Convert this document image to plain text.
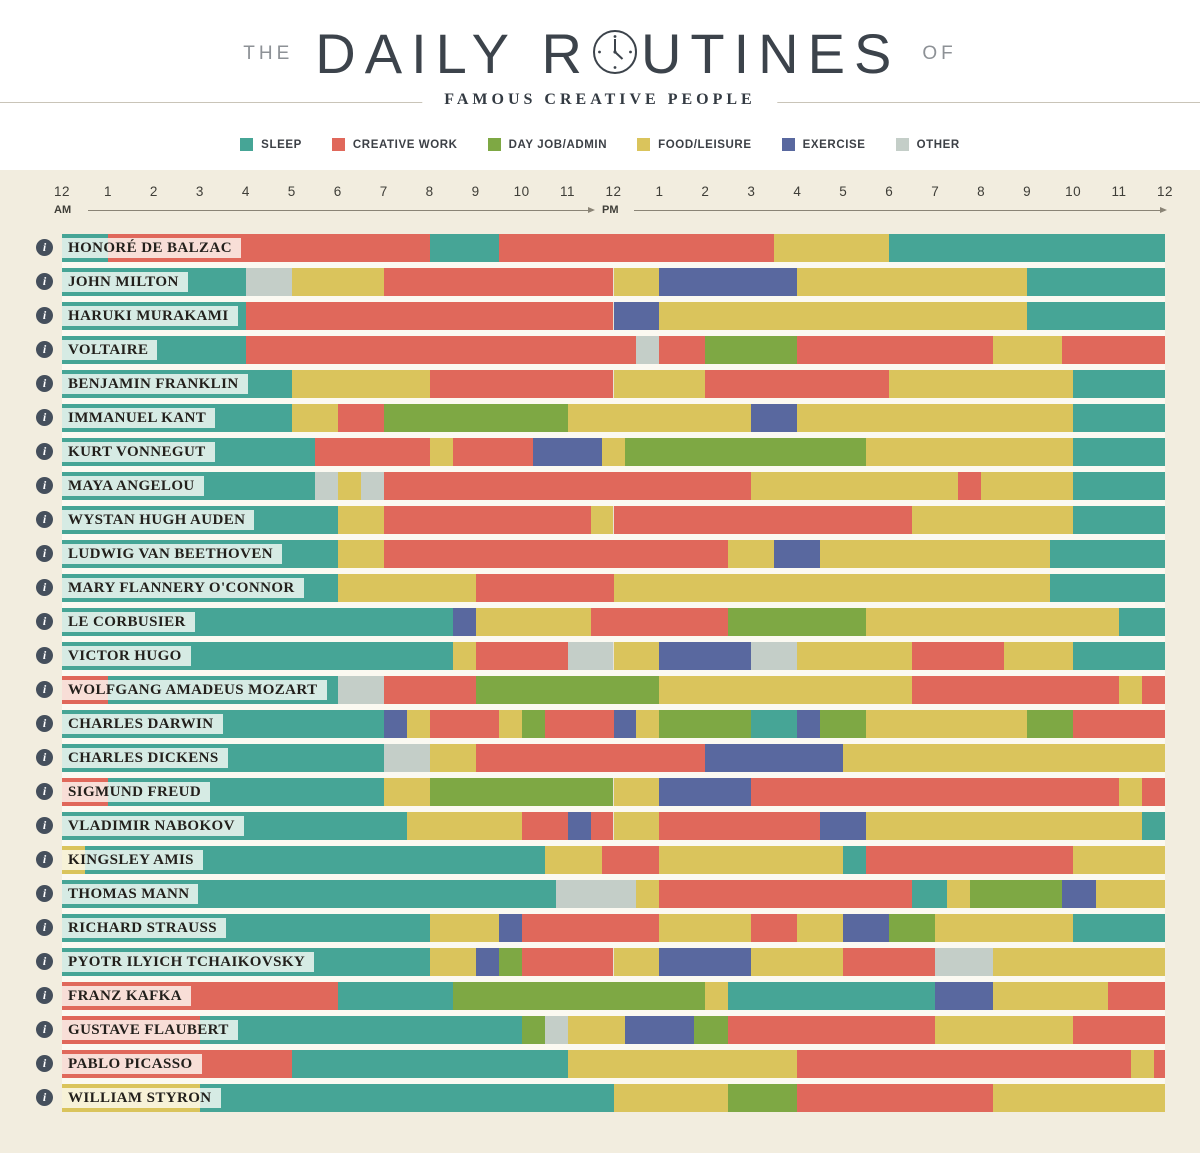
THE DAILY R UTINES OF
FAMOUS CREATIVE PEOPLE
SLEEP	CREATIVE WORK	DAY JOB/ADMIN	FOOD/LEISURE	EXERCISE	OTHER
12	1	2	3	4	5	6	7	8	9	10 11 12	1	2	3	4	5	6	7	8	9	10 11 12
AM	PM
i	HONORÉ DE BALZAC
i	JOHN MILTON
i	HARUKI MURAKAMI
i	VOLTAIRE
i	BENJAMIN FRANKLIN
i	IMMANUEL KANT
i	KURT VONNEGUT
i	MAYA ANGELOU
i	WYSTAN HUGH AUDEN
i	LUDWIG VAN BEETHOVEN
i	MARY FLANNERY O'CONNOR
i	LE CORBUSIER
i	VICTOR HUGO
i	WOLFGANG AMADEUS MOZART
i	CHARLES DARWIN
i	CHARLES DICKENS
i	SIGMUND FREUD
i	VLADIMIR NABOKOV
i	KINGSLEY AMIS
i	THOMAS MANN
i	RICHARD STRAUSS
i	PYOTR ILYICH TCHAIKOVSKY
i	FRANZ KAFKA
i	GUSTAVE FLAUBERT
i	PABLO PICASSO
i	WILLIAM STYRON
